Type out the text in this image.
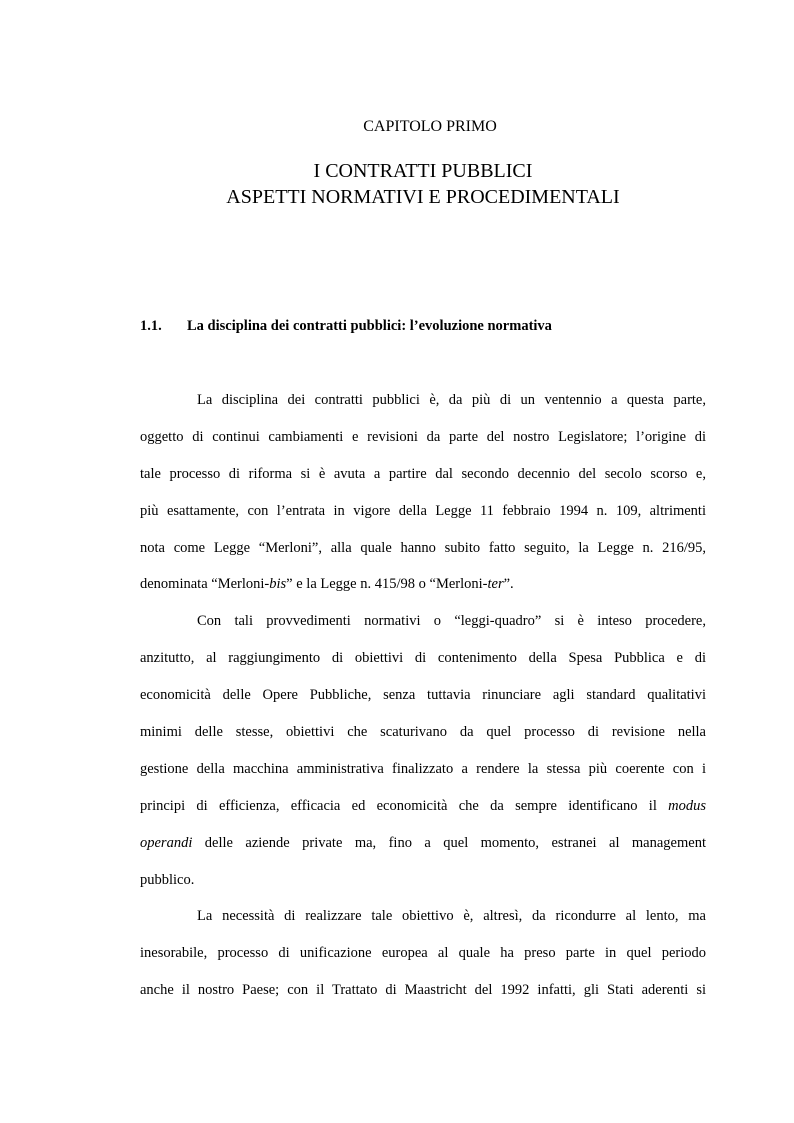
CAPITOLO PRIMO
I CONTRATTI PUBBLICI
ASPETTI NORMATIVI E PROCEDIMENTALI
1.1. La disciplina dei contratti pubblici: l’evoluzione normativa
La disciplina dei contratti pubblici è, da più di un ventennio a questa parte,
oggetto di continui cambiamenti e revisioni da parte del nostro Legislatore; l’origine di
tale processo di riforma si è avuta a partire dal secondo decennio del secolo scorso e,
più esattamente, con l’entrata in vigore della Legge 11 febbraio 1994 n. 109, altrimenti
nota come Legge “Merloni”, alla quale hanno subito fatto seguito, la Legge n. 216/95,
denominata “Merloni-bis” e la Legge n. 415/98 o “Merloni-ter”.
Con tali provvedimenti normativi o “leggi-quadro” si è inteso procedere,
anzitutto, al raggiungimento di obiettivi di contenimento della Spesa Pubblica e di
economicità delle Opere Pubbliche, senza tuttavia rinunciare agli standard qualitativi
minimi delle stesse, obiettivi che scaturivano da quel processo di revisione nella
gestione della macchina amministrativa finalizzato a rendere la stessa più coerente con i
principi di efficienza, efficacia ed economicità che da sempre identificano il modus
operandi delle aziende private ma, fino a quel momento, estranei al management
pubblico.
La necessità di realizzare tale obiettivo è, altresì, da ricondurre al lento, ma
inesorabile, processo di unificazione europea al quale ha preso parte in quel periodo
anche il nostro Paese; con il Trattato di Maastricht del 1992 infatti, gli Stati aderenti si
